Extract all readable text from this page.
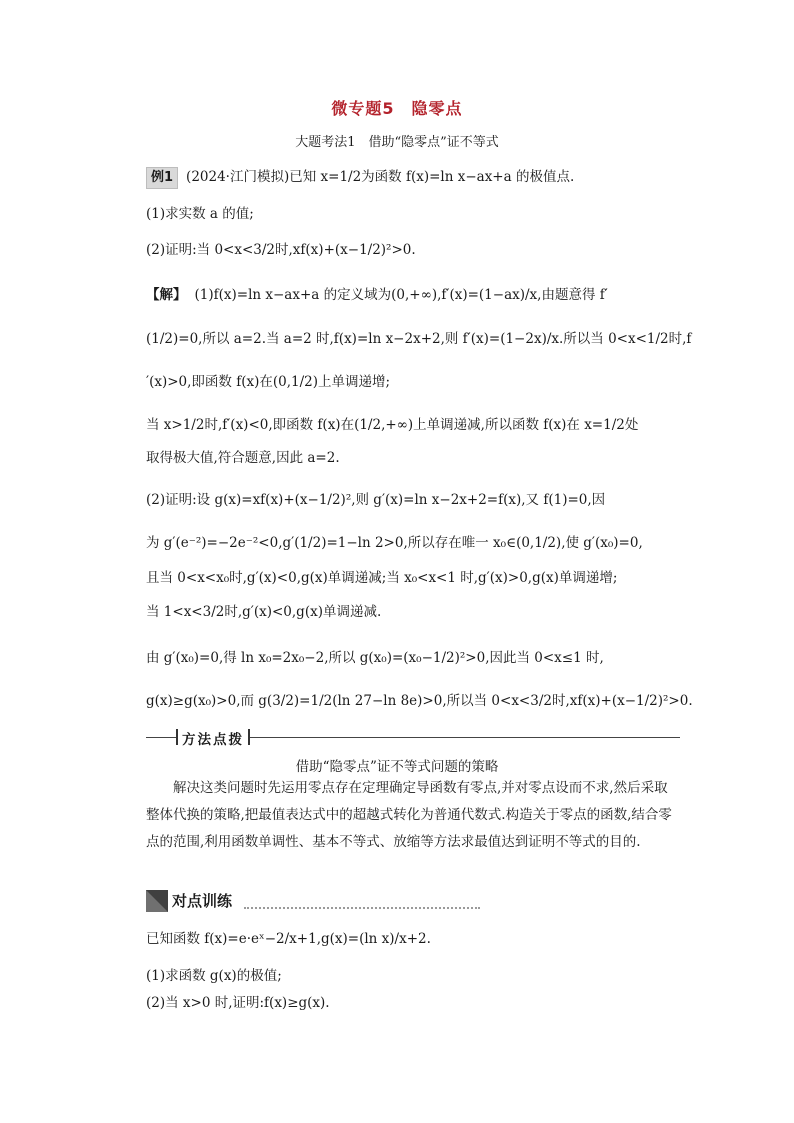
微专题5　隐零点
大题考法1　借助“隐零点”证不等式
例1 (2024·江门模拟)已知 x=1/2为函数 f(x)=ln x−ax+a 的极值点.
(1)求实数 a 的值;
(2)证明:当 0<x<3/2时,xf(x)+(x−1/2)²>0.
【解】 (1)f(x)=ln x−ax+a 的定义域为(0,+∞),f′(x)=(1−ax)/x,由题意得 f′
(1/2)=0,所以 a=2.当 a=2 时,f(x)=ln x−2x+2,则 f′(x)=(1−2x)/x.所以当 0<x<1/2时,f
′(x)>0,即函数 f(x)在(0,1/2)上单调递增;
当 x>1/2时,f′(x)<0,即函数 f(x)在(1/2,+∞)上单调递减,所以函数 f(x)在 x=1/2处
取得极大值,符合题意,因此 a=2.
(2)证明:设 g(x)=xf(x)+(x−1/2)²,则 g′(x)=ln x−2x+2=f(x),又 f(1)=0,因
为 g′(e⁻²)=−2e⁻²<0,g′(1/2)=1−ln 2>0,所以存在唯一 x₀∈(0,1/2),使 g′(x₀)=0,
且当 0<x<x₀时,g′(x)<0,g(x)单调递减;当 x₀<x<1 时,g′(x)>0,g(x)单调递增;
当 1<x<3/2时,g′(x)<0,g(x)单调递减.
由 g′(x₀)=0,得 ln x₀=2x₀−2,所以 g(x₀)=(x₀−1/2)²>0,因此当 0<x≤1 时,
g(x)≥g(x₀)>0,而 g(3/2)=1/2(ln 27−ln 8e)>0,所以当 0<x<3/2时,xf(x)+(x−1/2)²>0.
方法点拨
借助“隐零点”证不等式问题的策略
解决这类问题时先运用零点存在定理确定导函数有零点,并对零点设而不求,然后采取整体代换的策略,把最值表达式中的超越式转化为普通代数式.构造关于零点的函数,结合零点的范围,利用函数单调性、基本不等式、放缩等方法求最值达到证明不等式的目的.
对点训练
已知函数 f(x)=e·eˣ−2/x+1,g(x)=(ln x)/x+2.
(1)求函数 g(x)的极值;
(2)当 x>0 时,证明:f(x)≥g(x).
